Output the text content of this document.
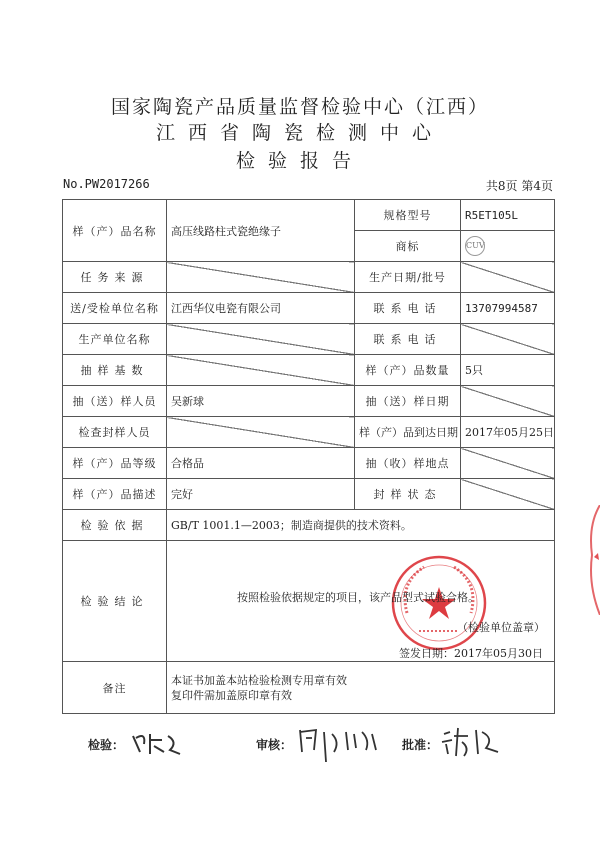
国家陶瓷产品质量监督检验中心（江西）
江西省陶瓷检测中心
检验报告
No.PW2017266	共8页 第4页
样（产）品名称	高压线路柱式瓷绝缘子	规格型号	R5ET105L
		商标	CUV
任务来源		生产日期/批号	
送/受检单位名称	江西华仪电瓷有限公司	联系电话	13707994587
生产单位名称		联系电话	
抽样基数		样（产）品数量	5只
抽（送）样人员	吴新球	抽（送）样日期	
检查封样人员		样（产）品到达日期	2017年05月25日
样（产）品等级	合格品	抽（收）样地点	
样（产）品描述	完好	封样状态	
检验依据	GB/T 1001.1—2003；制造商提供的技术资料。		
检验结论	按照检验依据规定的项目，该产品型式试验合格。
（检验单位盖章）
签发日期：2017年05月30日		

备注	本证书加盖本站检验检测专用章有效
复印件需加盖原印章有效		
检验：	审核：	批准：
